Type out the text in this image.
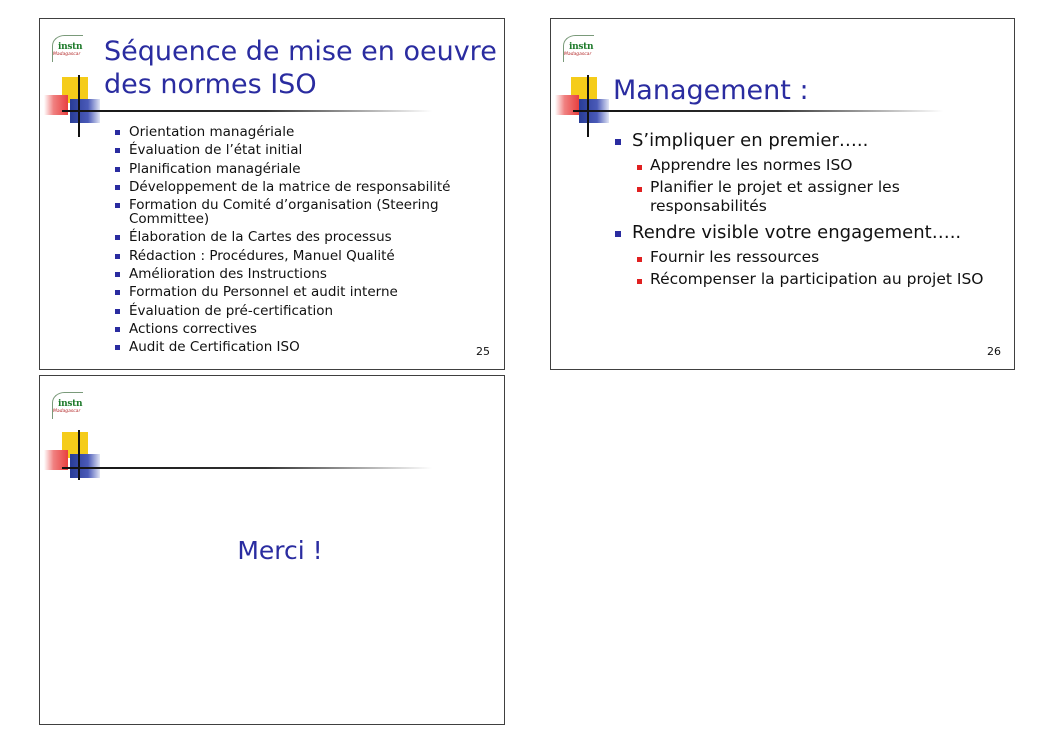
instn
Madagascar Séquence de mise en oeuvre
des normes ISO
Orientation managériale
Évaluation de l’état initial
Planification managériale
Développement de la matrice de responsabilité
Formation du Comité d’organisation (Steering Committee)
Élaboration de la Cartes des processus
Rédaction : Procédures, Manuel Qualité
Amélioration des Instructions
Formation du Personnel et audit interne
Évaluation de pré-certification
Actions correctives
Audit de Certification ISO	25
instn
Madagascar
Management :
S’impliquer en premier…..
Apprendre les normes ISO
Planifier le projet et assigner les responsabilités
Rendre visible votre engagement…..
Fournir les ressources
Récompenser la participation au projet ISO
26
instn
Madagascar
Merci !
